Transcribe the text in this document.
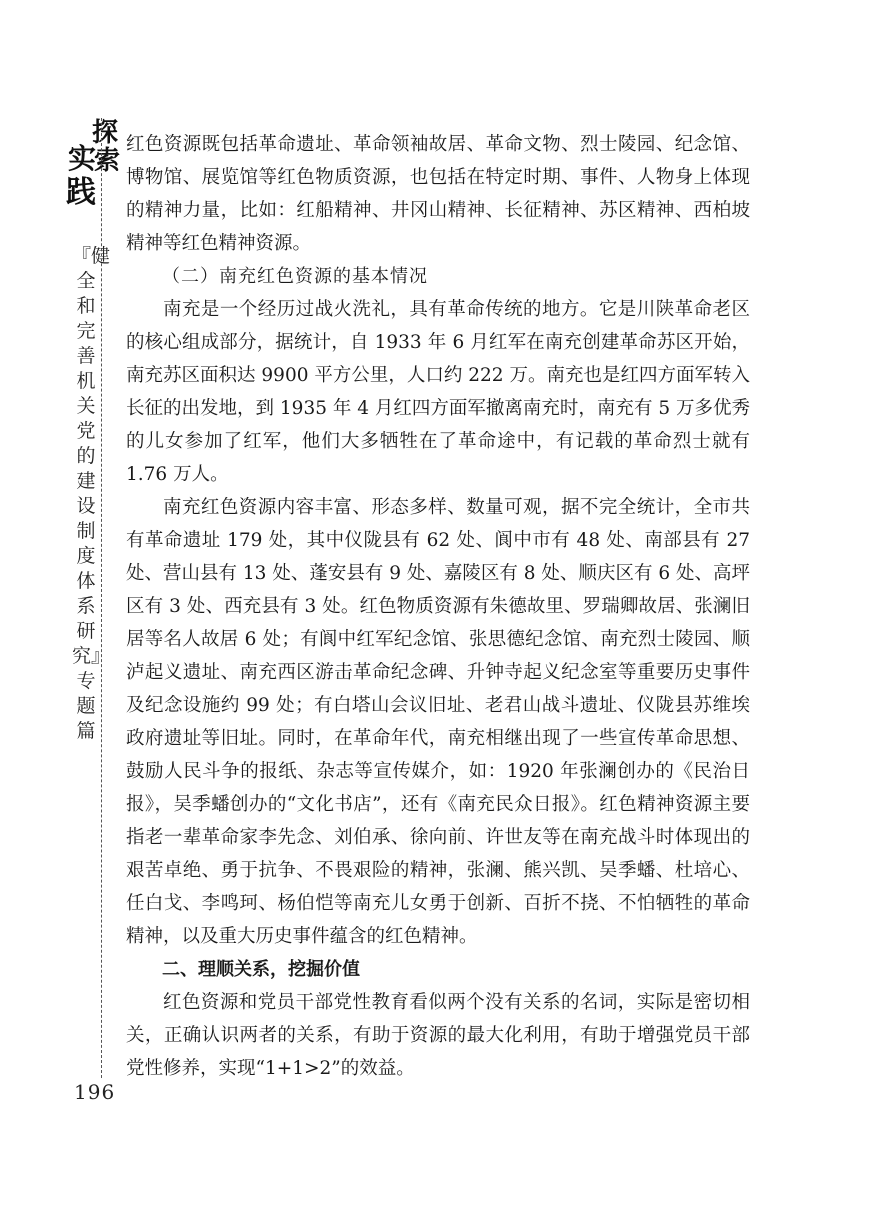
探
索
实
践
『健全和完善机关党的建设制度体系研究』专题篇
196

红色资源既包括革命遗址、革命领袖故居、革命文物、烈士陵园、纪念馆、博物馆、展览馆等红色物质资源，也包括在特定时期、事件、人物身上体现的精神力量，比如：红船精神、井冈山精神、长征精神、苏区精神、西柏坡精神等红色精神资源。

（二）南充红色资源的基本情况

南充是一个经历过战火洗礼，具有革命传统的地方。它是川陕革命老区的核心组成部分，据统计，自 1933 年 6 月红军在南充创建革命苏区开始，南充苏区面积达 9900 平方公里，人口约 222 万。南充也是红四方面军转入长征的出发地，到 1935 年 4 月红四方面军撤离南充时，南充有 5 万多优秀的儿女参加了红军，他们大多牺牲在了革命途中，有记载的革命烈士就有 1.76 万人。

南充红色资源内容丰富、形态多样、数量可观，据不完全统计，全市共有革命遗址 179 处，其中仪陇县有 62 处、阆中市有 48 处、南部县有 27 处、营山县有 13 处、蓬安县有 9 处、嘉陵区有 8 处、顺庆区有 6 处、高坪区有 3 处、西充县有 3 处。红色物质资源有朱德故里、罗瑞卿故居、张澜旧居等名人故居 6 处；有阆中红军纪念馆、张思德纪念馆、南充烈士陵园、顺泸起义遗址、南充西区游击革命纪念碑、升钟寺起义纪念室等重要历史事件及纪念设施约 99 处；有白塔山会议旧址、老君山战斗遗址、仪陇县苏维埃政府遗址等旧址。同时，在革命年代，南充相继出现了一些宣传革命思想、鼓励人民斗争的报纸、杂志等宣传媒介，如：1920 年张澜创办的《民治日报》，吴季蟠创办的“文化书店”，还有《南充民众日报》。红色精神资源主要指老一辈革命家李先念、刘伯承、徐向前、许世友等在南充战斗时体现出的艰苦卓绝、勇于抗争、不畏艰险的精神，张澜、熊兴凯、吴季蟠、杜培心、任白戈、李鸣珂、杨伯恺等南充儿女勇于创新、百折不挠、不怕牺牲的革命精神，以及重大历史事件蕴含的红色精神。

二、理顺关系，挖掘价值

红色资源和党员干部党性教育看似两个没有关系的名词，实际是密切相关，正确认识两者的关系，有助于资源的最大化利用，有助于增强党员干部党性修养，实现“1+1>2”的效益。
